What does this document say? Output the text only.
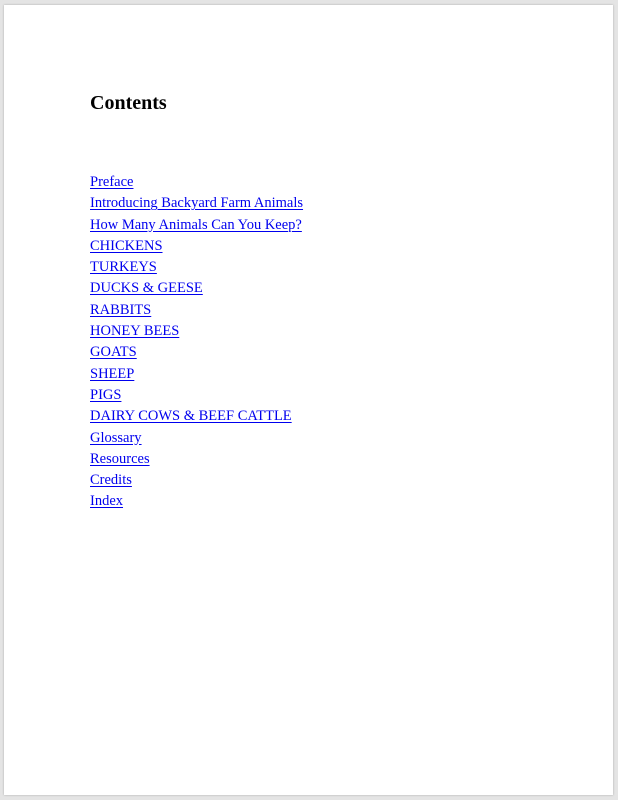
Contents
Preface
Introducing Backyard Farm Animals
How Many Animals Can You Keep?
CHICKENS
TURKEYS
DUCKS & GEESE
RABBITS
HONEY BEES
GOATS
SHEEP
PIGS
DAIRY COWS & BEEF CATTLE
Glossary
Resources
Credits
Index
